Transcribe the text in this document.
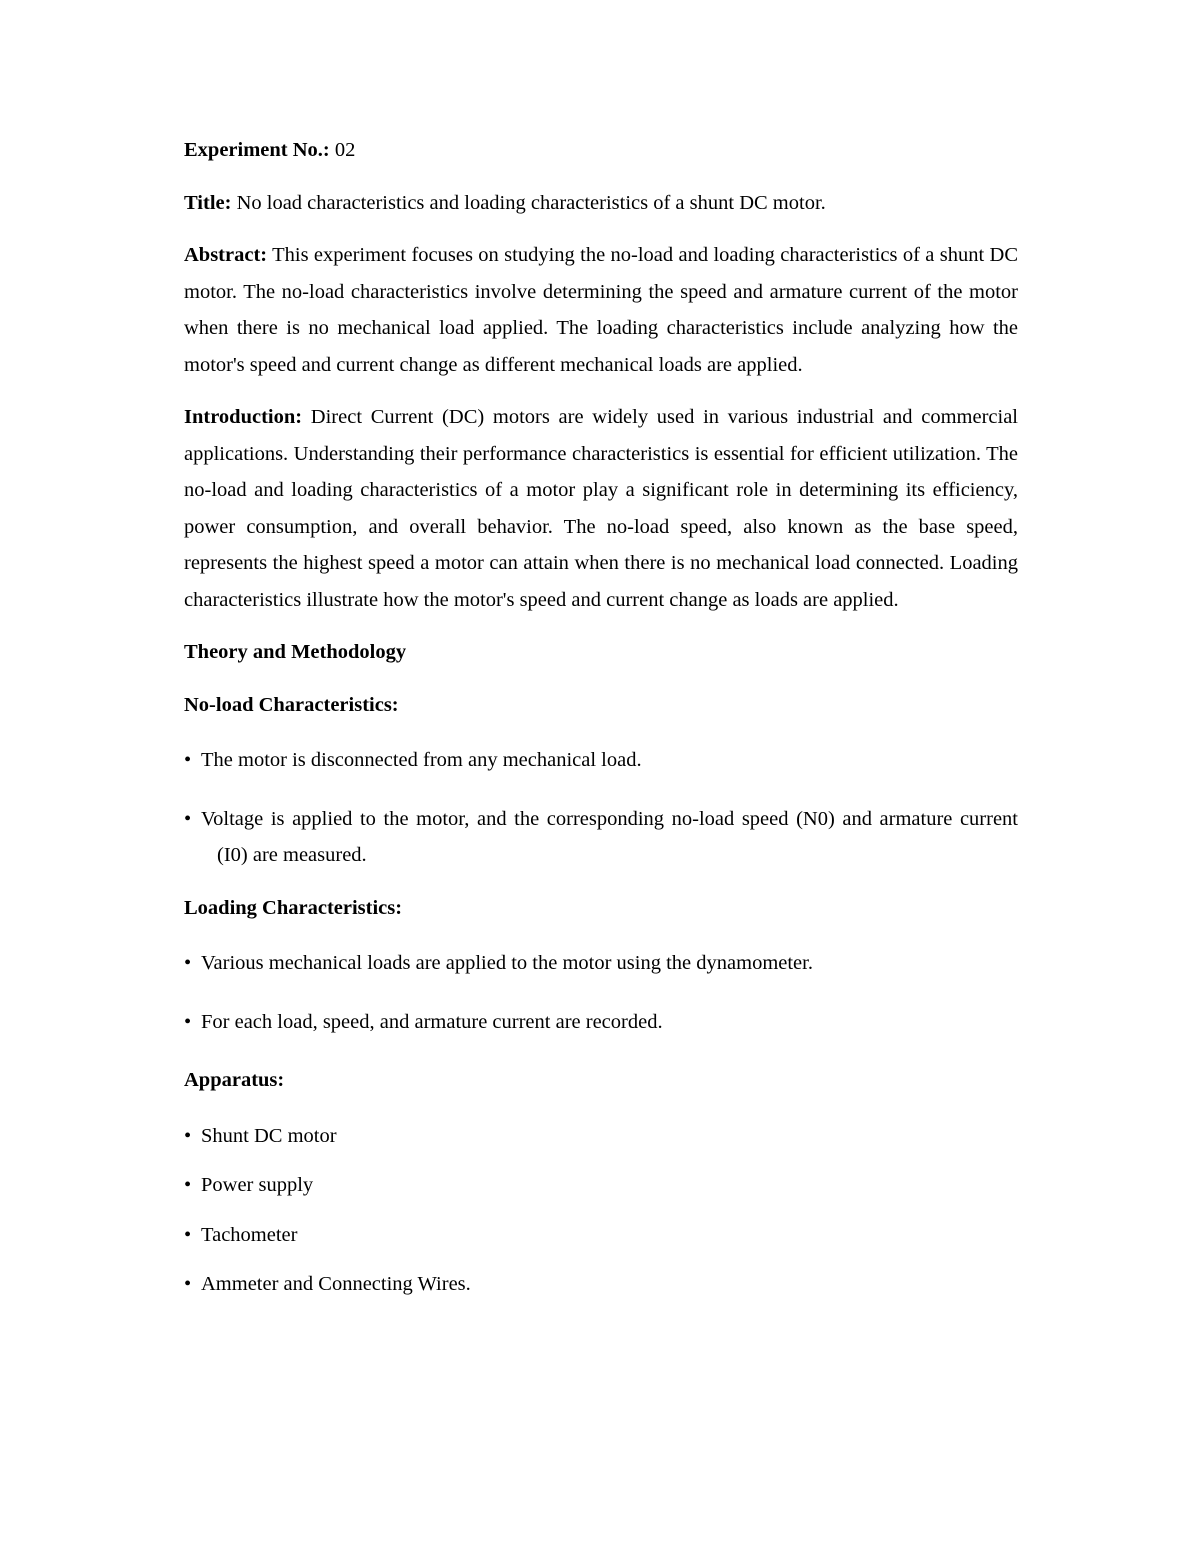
Experiment No.: 02

Title: No load characteristics and loading characteristics of a shunt DC motor.

Abstract: This experiment focuses on studying the no-load and loading characteristics of a shunt DC motor. The no-load characteristics involve determining the speed and armature current of the motor when there is no mechanical load applied. The loading characteristics include analyzing how the motor's speed and current change as different mechanical loads are applied.

Introduction: Direct Current (DC) motors are widely used in various industrial and commercial applications. Understanding their performance characteristics is essential for efficient utilization. The no-load and loading characteristics of a motor play a significant role in determining its efficiency, power consumption, and overall behavior. The no-load speed, also known as the base speed, represents the highest speed a motor can attain when there is no mechanical load connected. Loading characteristics illustrate how the motor's speed and current change as loads are applied.

Theory and Methodology

No-load Characteristics:

• The motor is disconnected from any mechanical load.

• Voltage is applied to the motor, and the corresponding no-load speed (N0) and armature current (I0) are measured.

Loading Characteristics:

• Various mechanical loads are applied to the motor using the dynamometer.

• For each load, speed, and armature current are recorded.

Apparatus:

• Shunt DC motor

• Power supply

• Tachometer

• Ammeter and Connecting Wires.
